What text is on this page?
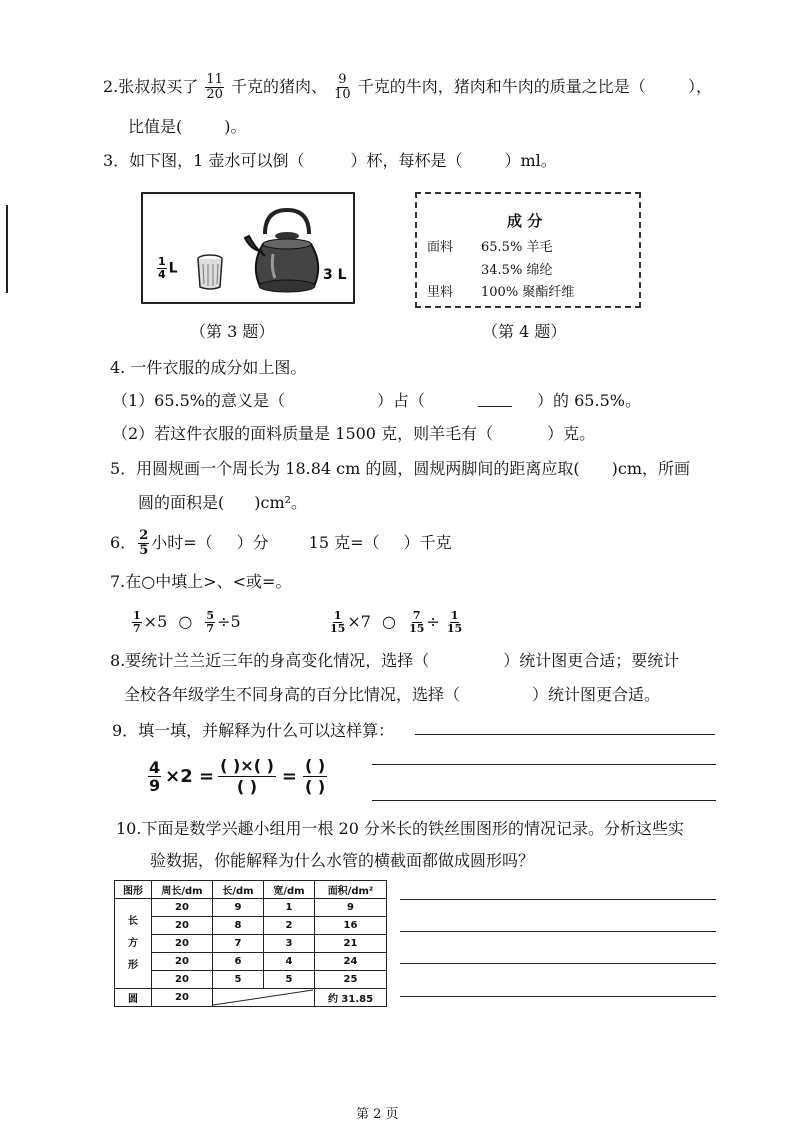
2.张叔叔买了 $\frac{11}{20}$ 千克的猪肉、 $\frac{9}{10}$ 千克的牛肉，猪肉和牛肉的质量之比是（	），
比值是(	)。
3．如下图，1 壶水可以倒（	）杯，每杯是（	）ml。
$\frac{1}{4}$ L	3 L
（第 3 题）
成 分
面料 65.5% 羊毛
34.5% 绵纶
里料 100% 聚酯纤维
（第 4 题）
4. 一件衣服的成分如上图。
（1）65.5%的意义是（	）占（	）的 65.5%。
（2）若这件衣服的面料质量是 1500 克，则羊毛有（	）克。
5．用圆规画一个周长为 18.84 cm 的圆，圆规两脚间的距离应取( )cm，所画
圆的面积是( )cm²。
6． $\frac{2}{5}$ 小时=（ ）分	15 克=（ ）千克
7.在○中填上>、<或=。
$\frac{1}{7} \times 5$ ○ $\frac{5}{7} \div 5$	$\frac{1}{15} \times 7$ ○ $\frac{7}{15} \div \frac{1}{15}$
8.要统计兰兰近三年的身高变化情况，选择（	）统计图更合适；要统计
全校各年级学生不同身高的百分比情况，选择（	）统计图更合适。
9．填一填，并解释为什么可以这样算：
$\frac{4}{9} \times 2 = \frac{( )\times( )}{( )} = \frac{( )}{( )}$
10.下面是数学兴趣小组用一根 20 分米长的铁丝围图形的情况记录。分析这些实
验数据，你能解释为什么水管的横截面都做成圆形吗？
图形	周长/dm	长/dm	宽/dm	面积/dm²
长
方
形	20	9	1	9
	20	8	2	16
	20	7	3	21
	20	6	4	24
	20	5	5	25
圆	20			约 31.85
第 2 页
